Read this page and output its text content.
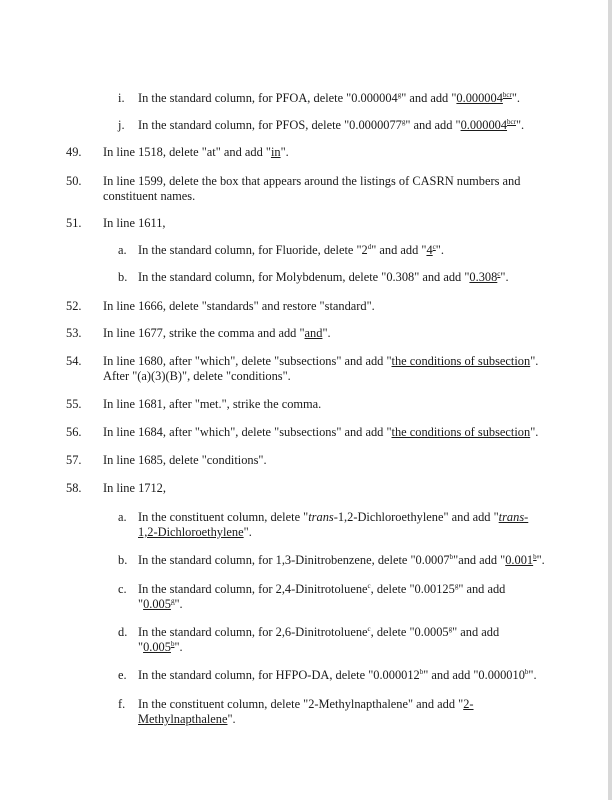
i. In the standard column, for PFOA, delete "0.000004$^g$" and add "$0.000004^{bcr}$".
j. In the standard column, for PFOS, delete "0.0000077$^g$" and add "$0.000004^{bcr}$".
49. In line 1518, delete "at" and add "in".
50. In line 1599, delete the box that appears around the listings of CASRN numbers and
constituent names.
51. In line 1611,
a. In the standard column, for Fluoride, delete "2$^d$" and add "4$^c$".
b. In the standard column, for Molybdenum, delete "0.308" and add "0.308$^c$".
52. In line 1666, delete "standards" and restore "standard".
53. In line 1677, strike the comma and add "and".
54. In line 1680, after "which", delete "subsections" and add "the conditions of subsection".
After "(a)(3)(B)", delete "conditions".
55. In line 1681, after "met.", strike the comma.
56. In line 1684, after "which", delete "subsections" and add "the conditions of subsection".
57. In line 1685, delete "conditions".
58. In line 1712,
a. In the constituent column, delete "trans-1,2-Dichloroethylene" and add "trans-
1,2-Dichloroethylene".
b. In the standard column, for 1,3-Dinitrobenzene, delete "0.0007$^b$"and add "0.001$^b$".
c. In the standard column, for 2,4-Dinitrotoluene$^c$, delete "0.00125$^g$" and add
"0.005$^g$".
d. In the standard column, for 2,6-Dinitrotoluene$^c$, delete "0.0005$^g$" and add
"0.005$^b$".
e. In the standard column, for HFPO-DA, delete "0.000012$^b$" and add "0.000010$^b$".
f. In the constituent column, delete "2-Methylnapthalene" and add "2-
Methylnapthalene".
